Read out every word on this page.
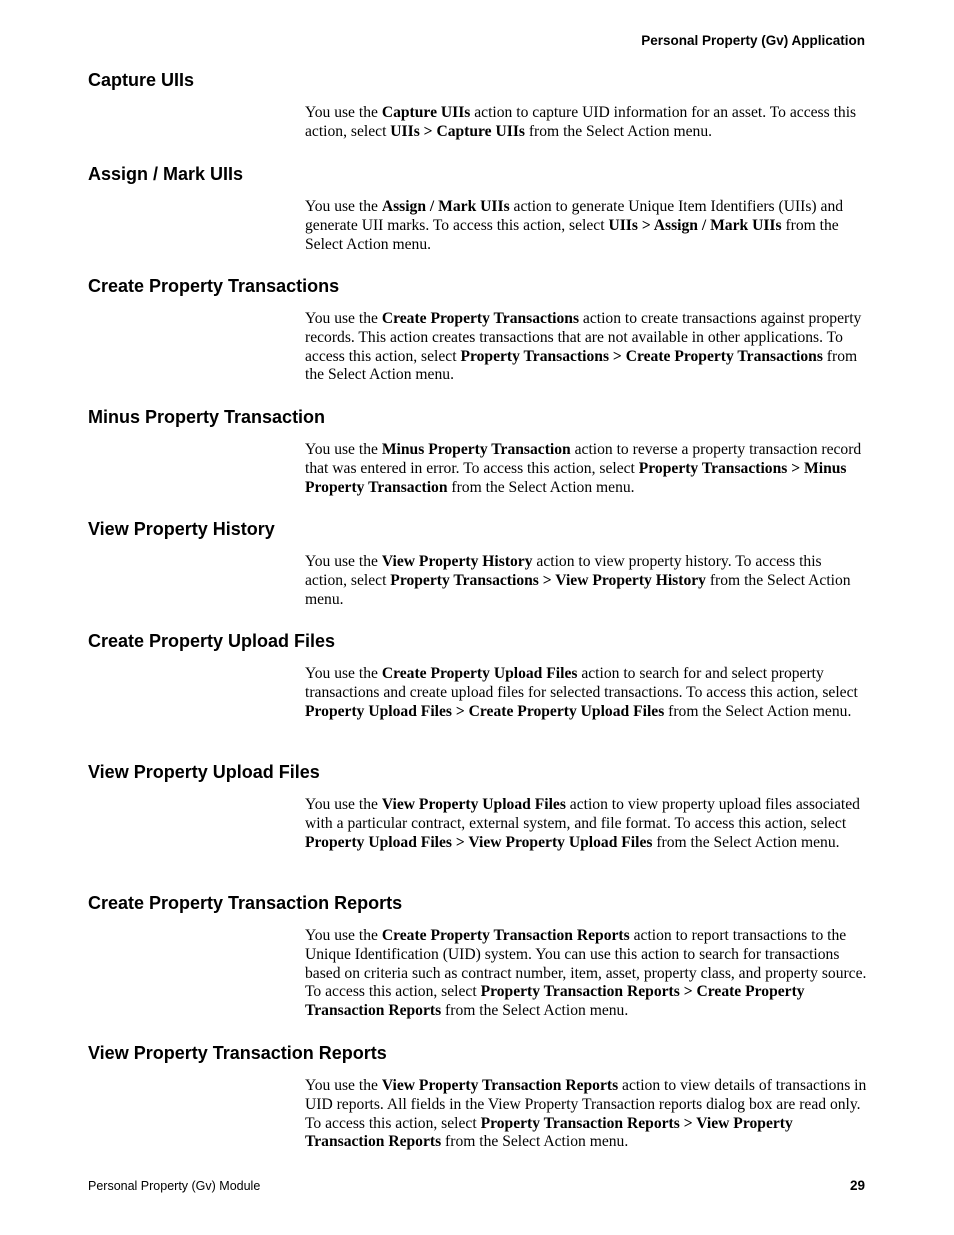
Personal Property (Gv) Application
Capture UIIs

You use the Capture UIIs action to capture UID information for an asset. To access this action, select UIIs > Capture UIIs from the Select Action menu.

Assign / Mark UIIs

You use the Assign / Mark UIIs action to generate Unique Item Identifiers (UIIs) and generate UII marks. To access this action, select UIIs > Assign / Mark UIIs from the Select Action menu.

Create Property Transactions

You use the Create Property Transactions action to create transactions against property records. This action creates transactions that are not available in other applications. To access this action, select Property Transactions > Create Property Transactions from the Select Action menu.

Minus Property Transaction

You use the Minus Property Transaction action to reverse a property transaction record that was entered in error. To access this action, select Property Transactions > Minus Property Transaction from the Select Action menu.

View Property History

You use the View Property History action to view property history. To access this action, select Property Transactions > View Property History from the Select Action menu.

Create Property Upload Files

You use the Create Property Upload Files action to search for and select property transactions and create upload files for selected transactions. To access this action, select Property Upload Files > Create Property Upload Files from the Select Action menu.

View Property Upload Files

You use the View Property Upload Files action to view property upload files associated with a particular contract, external system, and file format. To access this action, select Property Upload Files > View Property Upload Files from the Select Action menu.

Create Property Transaction Reports

You use the Create Property Transaction Reports action to report transactions to the Unique Identification (UID) system. You can use this action to search for transactions based on criteria such as contract number, item, asset, property class, and property source. To access this action, select Property Transaction Reports > Create Property Transaction Reports from the Select Action menu.

View Property Transaction Reports

You use the View Property Transaction Reports action to view details of transactions in UID reports. All fields in the View Property Transaction reports dialog box are read only. To access this action, select Property Transaction Reports > View Property Transaction Reports from the Select Action menu.

Personal Property (Gv) Module	29
